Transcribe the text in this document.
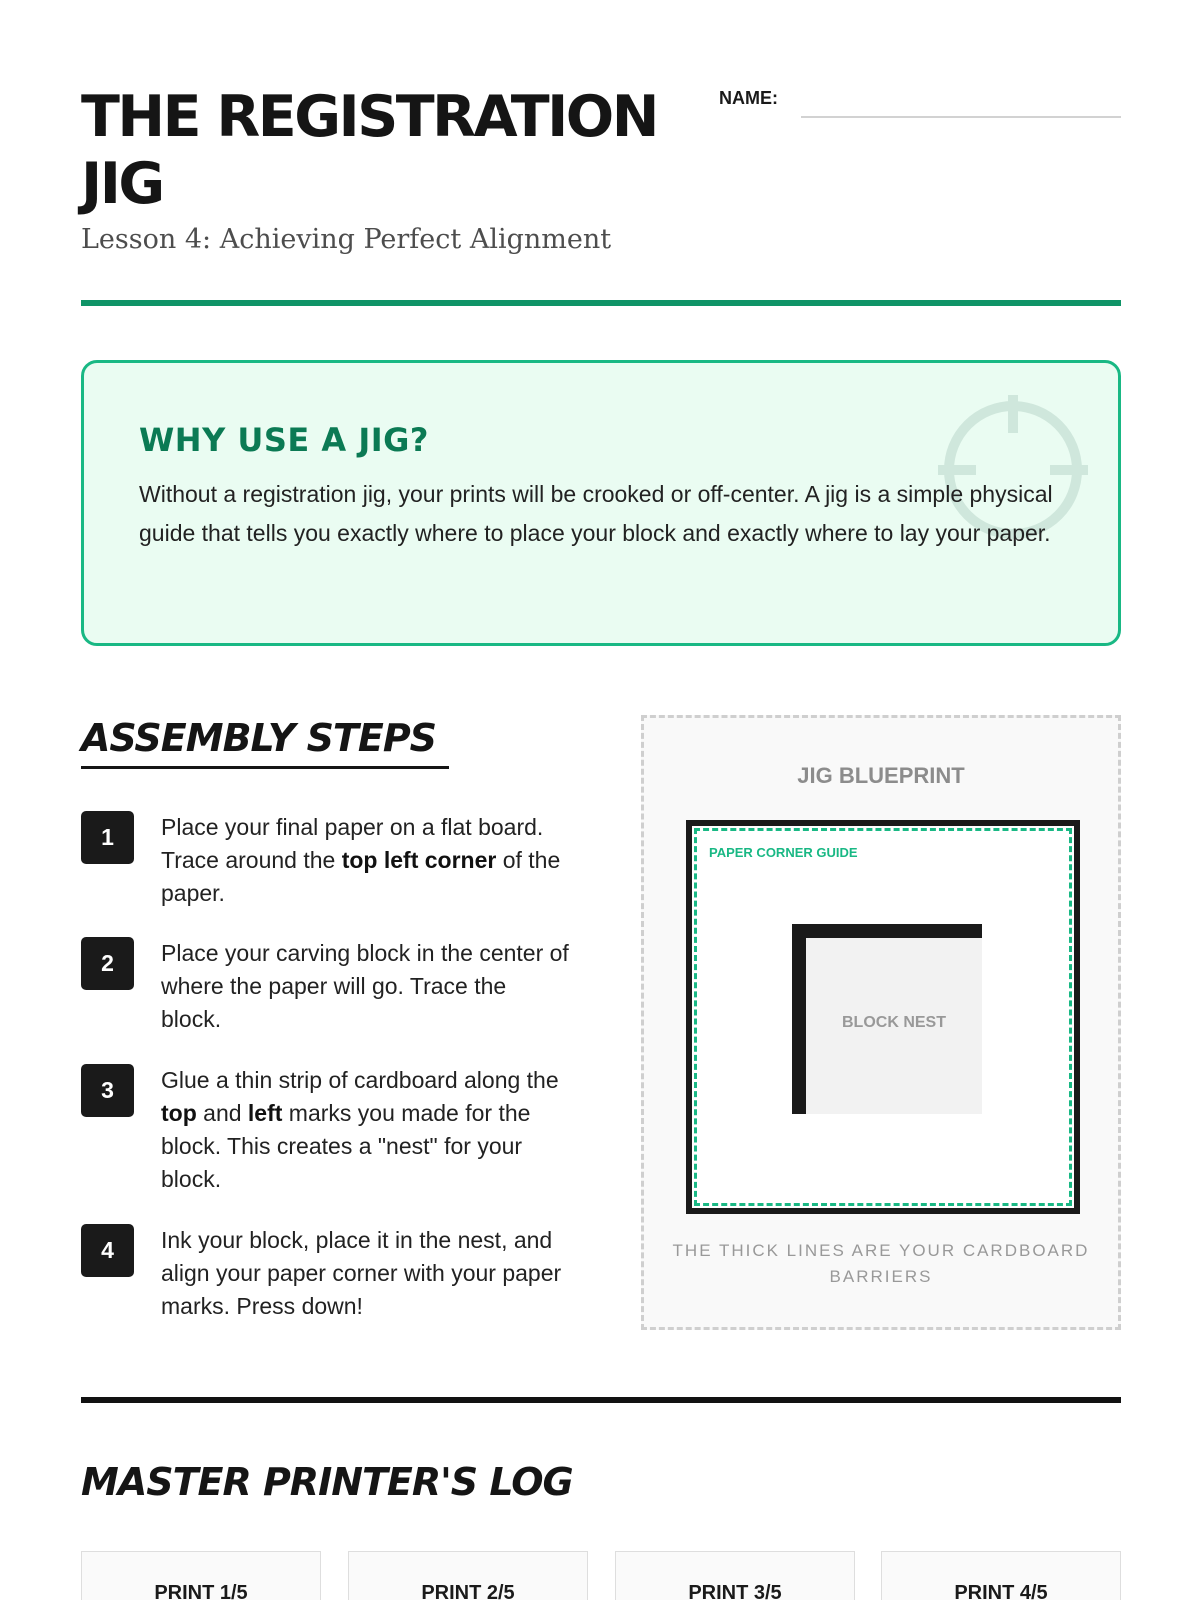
THE REGISTRATION JIG
Lesson 4: Achieving Perfect Alignment
NAME:
WHY USE A JIG?
Without a registration jig, your prints will be crooked or off-center. A jig is a simple physical guide that tells you exactly where to place your block and exactly where to lay your paper.
ASSEMBLY STEPS
1	Place your final paper on a flat board. Trace around the top left corner of the paper.
2	Place your carving block in the center of where the paper will go. Trace the block.
3	Glue a thin strip of cardboard along the top and left marks you made for the block. This creates a "nest" for your block.
4	Ink your block, place it in the nest, and align your paper corner with your paper marks. Press down!
JIG BLUEPRINT
PAPER CORNER GUIDE
BLOCK NEST
THE THICK LINES ARE YOUR CARDBOARD BARRIERS
MASTER PRINTER'S LOG
PRINT 1/5	PRINT 2/5	PRINT 3/5	PRINT 4/5
